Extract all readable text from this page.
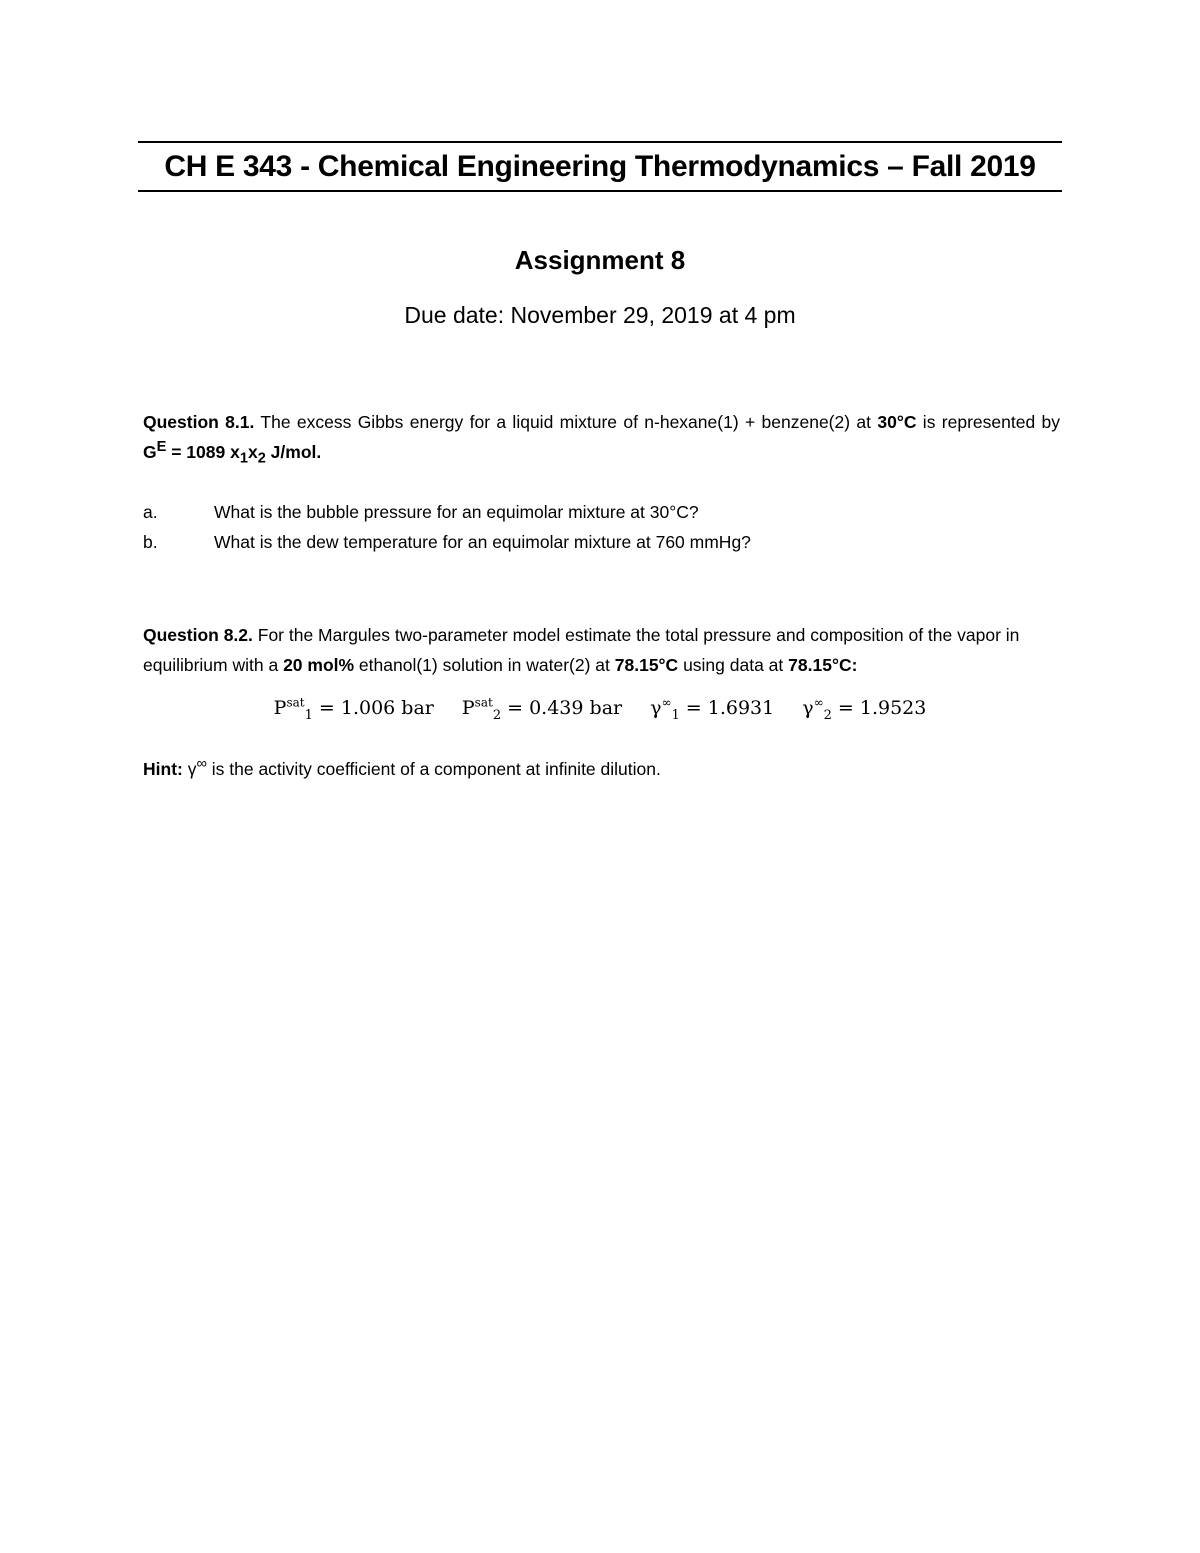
CH E 343 - Chemical Engineering Thermodynamics – Fall 2019
Assignment 8
Due date: November 29, 2019 at 4 pm
Question 8.1. The excess Gibbs energy for a liquid mixture of n-hexane(1) + benzene(2) at 30°C is represented by $G^E = 1089$ $x_1x_2$ J/mol.
a.	What is the bubble pressure for an equimolar mixture at 30°C?
b.	What is the dew temperature for an equimolar mixture at 760 mmHg?
Question 8.2. For the Margules two-parameter model estimate the total pressure and composition of the vapor in equilibrium with a 20 mol% ethanol(1) solution in water(2) at 78.15°C using data at 78.15°C:
$P^{sat}_1 = 1.006$ bar $P^{sat}_2 = 0.439$ bar $\gamma^\infty_1 = 1.6931$ $\gamma^\infty_2 = 1.9523$
Hint: γ∞ is the activity coefficient of a component at infinite dilution.
